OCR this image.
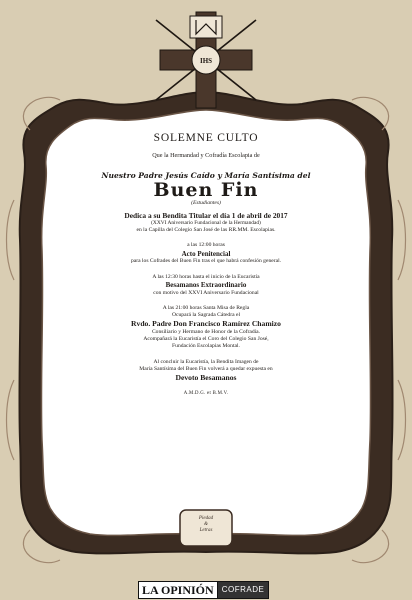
IHS
SOLEMNE CULTO
Que la Hermandad y Cofradía Escolapia de
Nuestro Padre Jesús Caído y María Santísima del
Buen Fin
(Estudiantes)
Dedica a su Bendita Titular el día 1 de abril de 2017
(XXVI Aniversario Fundacional de la Hermandad)
en la Capilla del Colegio San José de las RR.MM. Escolapias.
a las 12:00 horas
Acto Penitencial
para los Cofrades del Buen Fin tras el que habrá confesión general.
A las 12:30 horas hasta el inicio de la Eucaristía
Besamanos Extraordinario
con motivo del XXVI Aniversario Fundacional
A las 21:00 horas Santa Misa de Regla
Ocupará la Sagrada Cátedra el
Rvdo. Padre Don Francisco Ramírez Chamizo
Consiliario y Hermano de Honor de la Cofradía.
Acompañará la Eucaristía el Coro del Colegio San José,
Fundación Escolapias Montal.
Al concluir la Eucaristía, la Bendita Imagen de
María Santísima del Buen Fin volverá a quedar expuesta en
Devoto Besamanos
A.M.D.G. et B.M.V.
Piedad
&
Letras
LA OPINIÓN	COFRADE
